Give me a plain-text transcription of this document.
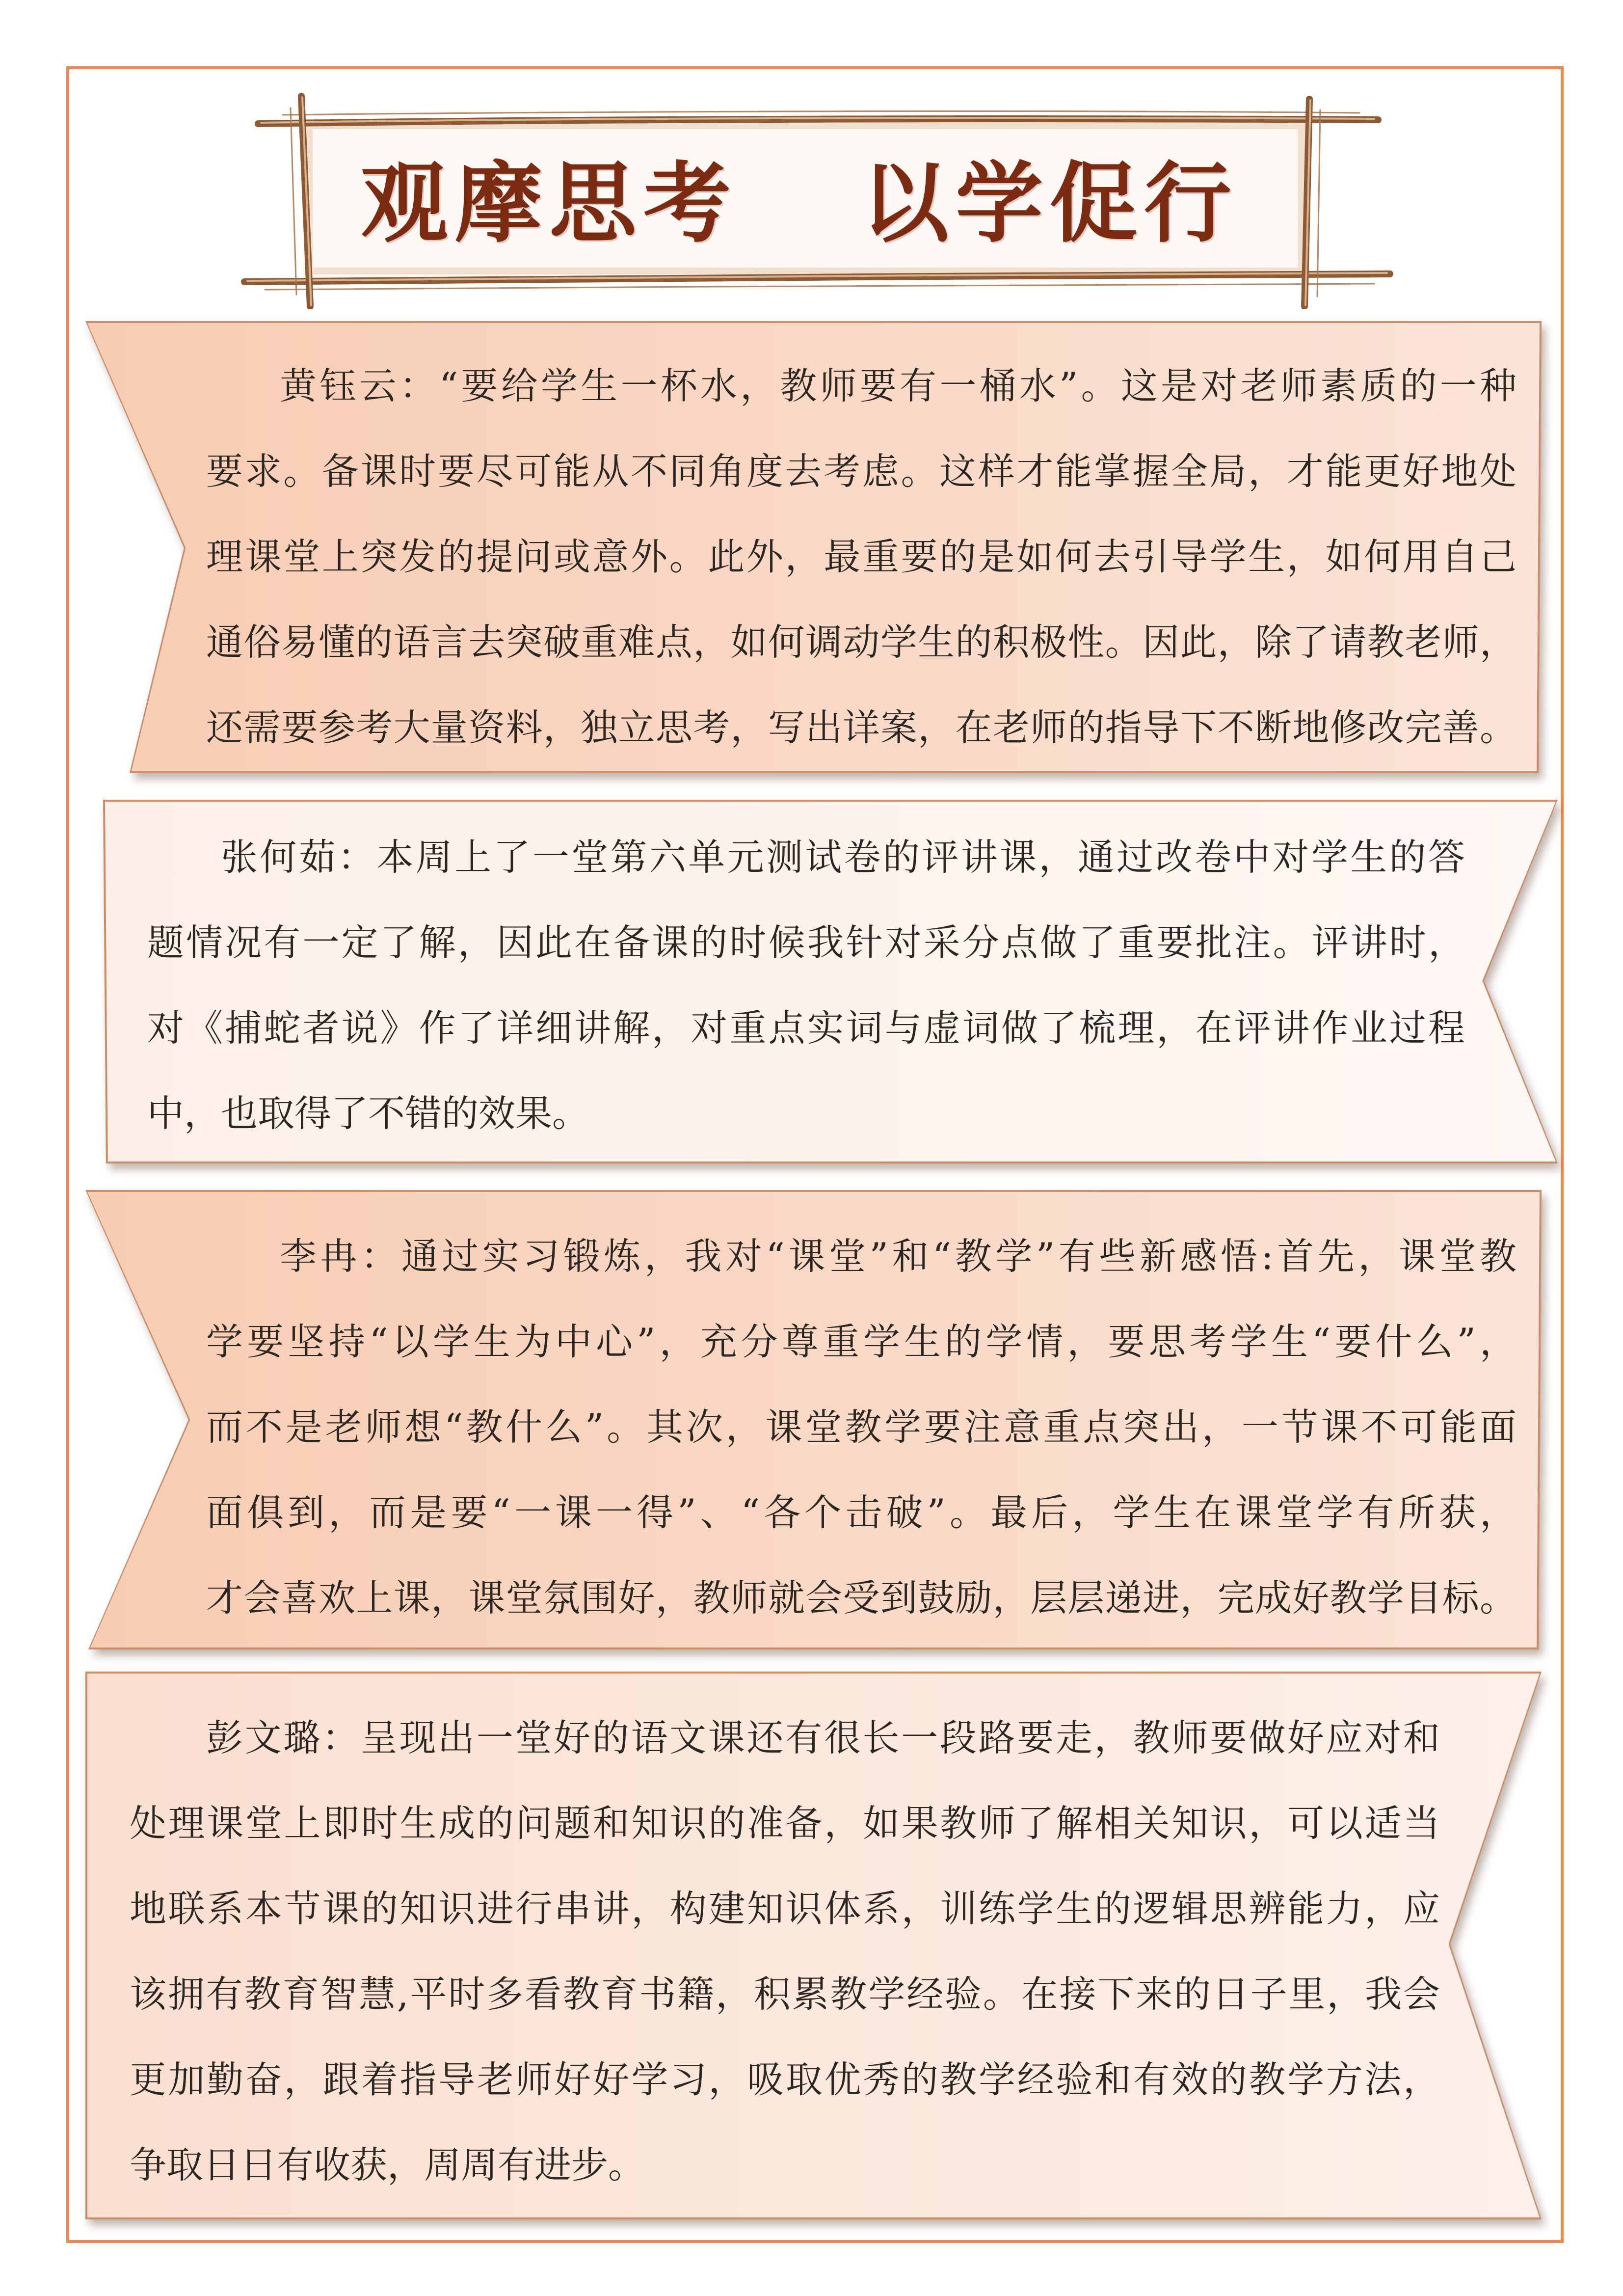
观摩思考 以学促行
黄钰云：“要给学生一杯水，教师要有一桶水”。这是对老师素质的一种
要求。备课时要尽可能从不同角度去考虑。这样才能掌握全局，才能更好地处
理课堂上突发的提问或意外。此外，最重要的是如何去引导学生，如何用自己
通俗易懂的语言去突破重难点，如何调动学生的积极性。因此，除了请教老师，
还需要参考大量资料，独立思考，写出详案，在老师的指导下不断地修改完善。
张何茹：本周上了一堂第六单元测试卷的评讲课，通过改卷中对学生的答
题情况有一定了解，因此在备课的时候我针对采分点做了重要批注。评讲时，
对《捕蛇者说》作了详细讲解，对重点实词与虚词做了梳理，在评讲作业过程
中，也取得了不错的效果。
李冉：通过实习锻炼，我对“课堂”和“教学”有些新感悟:首先，课堂教
学要坚持“以学生为中心”，充分尊重学生的学情，要思考学生“要什么”，
而不是老师想“教什么”。其次，课堂教学要注意重点突出，一节课不可能面
面俱到，而是要“一课一得”、“各个击破”。最后，学生在课堂学有所获，
才会喜欢上课，课堂氛围好，教师就会受到鼓励，层层递进，完成好教学目标。
彭文璐：呈现出一堂好的语文课还有很长一段路要走，教师要做好应对和
处理课堂上即时生成的问题和知识的准备，如果教师了解相关知识，可以适当
地联系本节课的知识进行串讲，构建知识体系，训练学生的逻辑思辨能力，应
该拥有教育智慧,平时多看教育书籍，积累教学经验。在接下来的日子里，我会
更加勤奋，跟着指导老师好好学习，吸取优秀的教学经验和有效的教学方法，
争取日日有收获，周周有进步。
